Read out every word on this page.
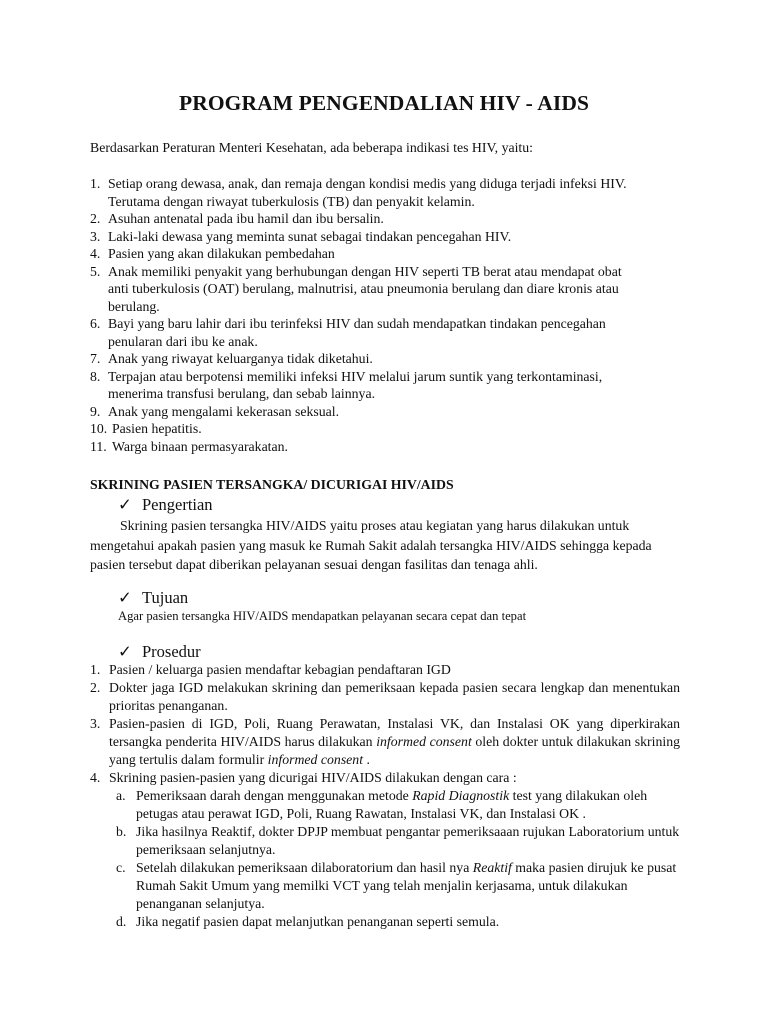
PROGRAM PENGENDALIAN HIV - AIDS
Berdasarkan Peraturan Menteri Kesehatan, ada beberapa indikasi tes HIV, yaitu:
1. Setiap orang dewasa, anak, dan remaja dengan kondisi medis yang diduga terjadi infeksi HIV.
Terutama dengan riwayat tuberkulosis (TB) dan penyakit kelamin.
2. Asuhan antenatal pada ibu hamil dan ibu bersalin.
3. Laki-laki dewasa yang meminta sunat sebagai tindakan pencegahan HIV.
4. Pasien yang akan dilakukan pembedahan
5. Anak memiliki penyakit yang berhubungan dengan HIV seperti TB berat atau mendapat obat
anti tuberkulosis (OAT) berulang, malnutrisi, atau pneumonia berulang dan diare kronis atau
berulang.
6. Bayi yang baru lahir dari ibu terinfeksi HIV dan sudah mendapatkan tindakan pencegahan
penularan dari ibu ke anak.
7. Anak yang riwayat keluarganya tidak diketahui.
8. Terpajan atau berpotensi memiliki infeksi HIV melalui jarum suntik yang terkontaminasi,
menerima transfusi berulang, dan sebab lainnya.
9. Anak yang mengalami kekerasan seksual.
10. Pasien hepatitis.
11. Warga binaan permasyarakatan.
SKRINING PASIEN TERSANGKA/ DICURIGAI HIV/AIDS
✓ Pengertian
Skrining pasien tersangka HIV/AIDS yaitu proses atau kegiatan yang harus dilakukan untuk mengetahui apakah pasien yang masuk ke Rumah Sakit adalah tersangka HIV/AIDS sehingga kepada pasien tersebut dapat diberikan pelayanan sesuai dengan fasilitas dan tenaga ahli.
✓ Tujuan
Agar pasien tersangka HIV/AIDS mendapatkan pelayanan secara cepat dan tepat
✓ Prosedur
1. Pasien / keluarga pasien mendaftar kebagian pendaftaran IGD
2. Dokter jaga IGD melakukan skrining dan pemeriksaan kepada pasien secara lengkap dan menentukan prioritas penanganan.
3. Pasien-pasien di IGD, Poli, Ruang Perawatan, Instalasi VK, dan Instalasi OK yang diperkirakan tersangka penderita HIV/AIDS harus dilakukan informed consent oleh dokter untuk dilakukan skrining yang tertulis dalam formulir informed consent .
4. Skrining pasien-pasien yang dicurigai HIV/AIDS dilakukan dengan cara :
a. Pemeriksaan darah dengan menggunakan metode Rapid Diagnostik test yang dilakukan oleh petugas atau perawat IGD, Poli, Ruang Rawatan, Instalasi VK, dan Instalasi OK .
b. Jika hasilnya Reaktif, dokter DPJP membuat pengantar pemeriksaaan rujukan Laboratorium untuk pemeriksaan selanjutnya.
c. Setelah dilakukan pemeriksaan dilaboratorium dan hasil nya Reaktif maka pasien dirujuk ke pusat Rumah Sakit Umum yang memilki VCT yang telah menjalin kerjasama, untuk dilakukan penanganan selanjutya.
d. Jika negatif pasien dapat melanjutkan penanganan seperti semula.
